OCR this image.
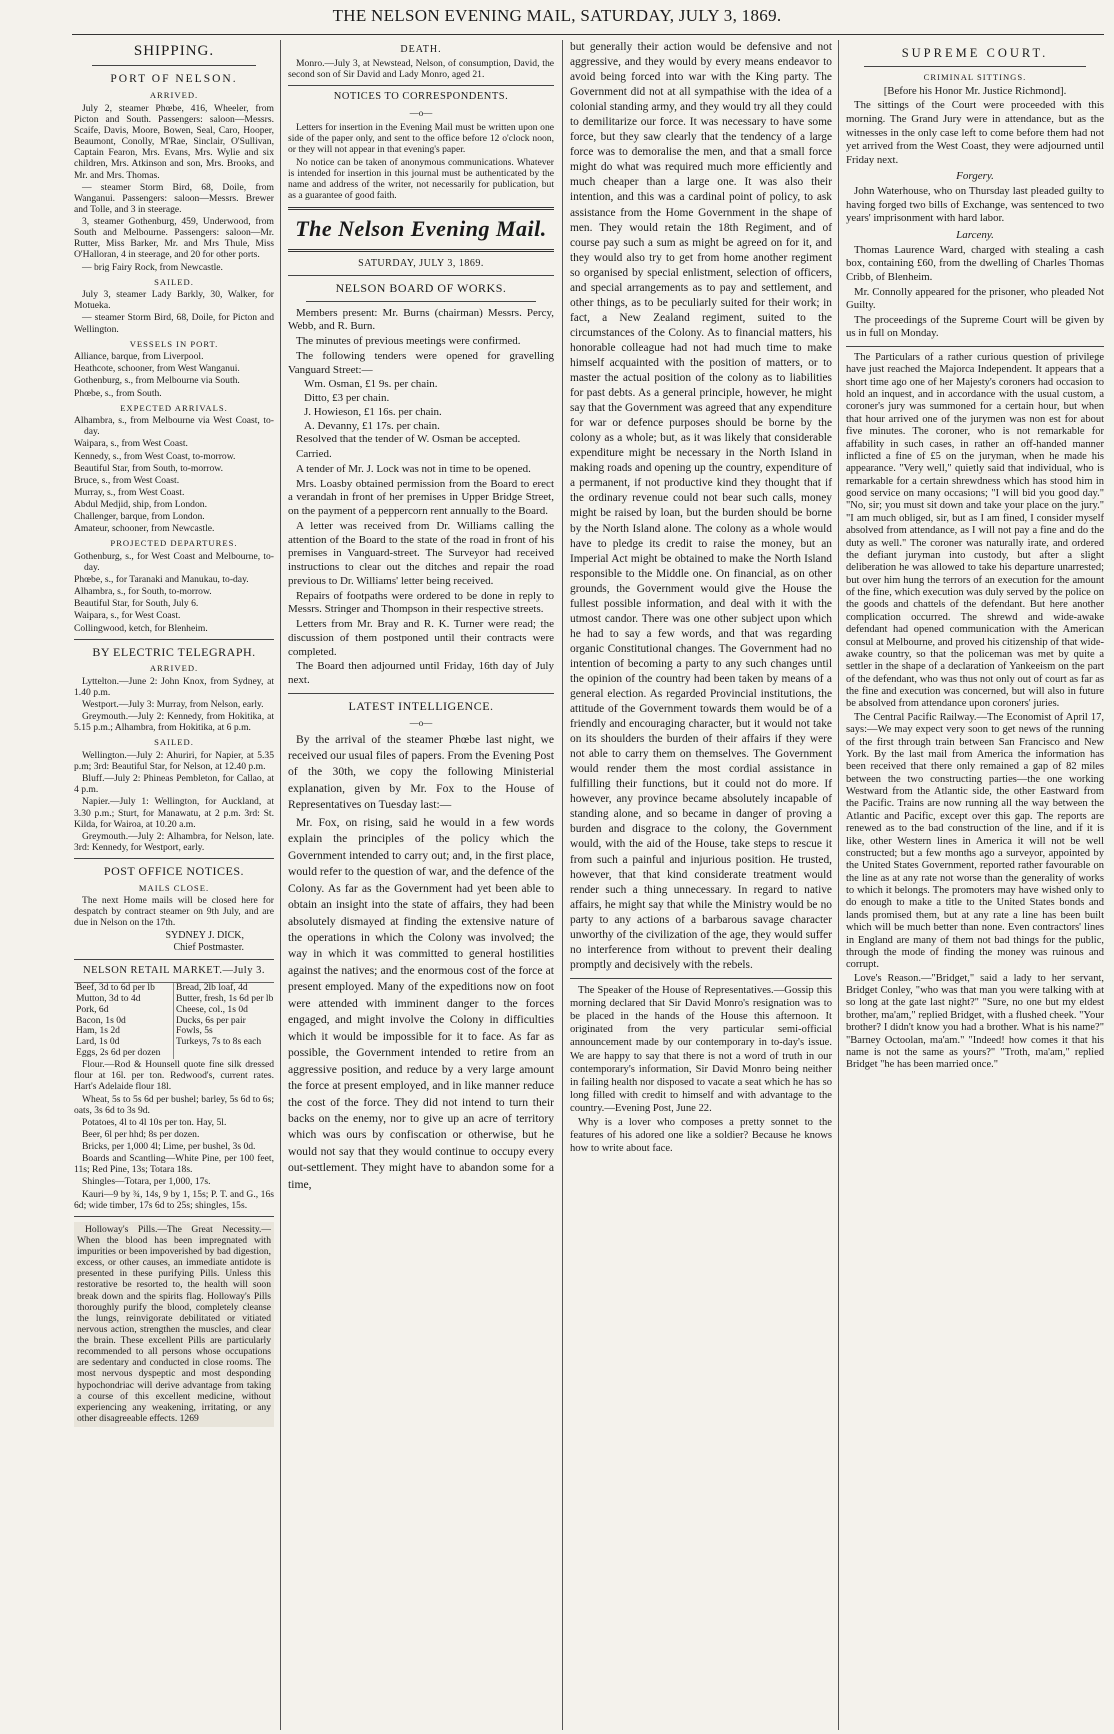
THE NELSON EVENING MAIL, SATURDAY, JULY 3, 1869.
SHIPPING.
PORT OF NELSON.
ARRIVED.

July 2, steamer Phœbe, 416, Wheeler, from Picton and South. Passengers: saloon—Messrs. Scaife, Davis, Moore, Bowen, Seal, Caro, Hooper, Beaumont, Conolly, M'Rae, Sinclair, O'Sullivan, Captain Fearon, Mrs. Evans, Mrs. Wylie and six children, Mrs. Atkinson and son, Mrs. Brooks, and Mr. and Mrs. Thomas.

— steamer Storm Bird, 68, Doile, from Wanganui. Passengers: saloon—Messrs. Brewer and Tolle, and 3 in steerage.

3, steamer Gothenburg, 459, Underwood, from South and Melbourne. Passengers: saloon—Mr. Rutter, Miss Barker, Mr. and Mrs Thule, Miss O'Halloran, 4 in steerage, and 20 for other ports.

— brig Fairy Rock, from Newcastle.

SAILED.

July 3, steamer Lady Barkly, 30, Walker, for Motueka.

— steamer Storm Bird, 68, Doile, for Picton and Wellington.

VESSELS IN PORT.

Alliance, barque, from Liverpool.

Heathcote, schooner, from West Wanganui.

Gothenburg, s., from Melbourne via South.

Phœbe, s., from South.

EXPECTED ARRIVALS.

Alhambra, s., from Melbourne via West Coast, to-day.

Waipara, s., from West Coast.

Kennedy, s., from West Coast, to-morrow.

Beautiful Star, from South, to-morrow.

Bruce, s., from West Coast.

Murray, s., from West Coast.

Abdul Medjid, ship, from London.

Challenger, barque, from London.

Amateur, schooner, from Newcastle.

PROJECTED DEPARTURES.

Gothenburg, s., for West Coast and Melbourne, to-day.

Phœbe, s., for Taranaki and Manukau, to-day.

Alhambra, s., for South, to-morrow.

Beautiful Star, for South, July 6.

Waipara, s., for West Coast.

Collingwood, ketch, for Blenheim.

BY ELECTRIC TELEGRAPH.
ARRIVED.

Lyttelton.—June 2: John Knox, from Sydney, at 1.40 p.m.

Westport.—July 3: Murray, from Nelson, early.

Greymouth.—July 2: Kennedy, from Hokitika, at 5.15 p.m.; Alhambra, from Hokitika, at 6 p.m.

SAILED.

Wellington.—July 2: Ahuriri, for Napier, at 5.35 p.m; 3rd: Beautiful Star, for Nelson, at 12.40 p.m.

Bluff.—July 2: Phineas Pembleton, for Callao, at 4 p.m.

Napier.—July 1: Wellington, for Auckland, at 3.30 p.m.; Sturt, for Manawatu, at 2 p.m. 3rd: St. Kilda, for Wairoa, at 10.20 a.m.

Greymouth.—July 2: Alhambra, for Nelson, late. 3rd: Kennedy, for Westport, early.

POST OFFICE NOTICES.
MAILS CLOSE.

The next Home mails will be closed here for despatch by contract steamer on 9th July, and are due in Nelson on the 17th.

SYDNEY J. DICK,
Chief Postmaster.
NELSON RETAIL MARKET.—July 3.
Beef, 3d to 6d per lb	Bread, 2lb loaf, 4d
Mutton, 3d to 4d	Butter, fresh, 1s 6d per lb
Pork, 6d	Cheese, col., 1s 0d
Bacon, 1s 0d	Ducks, 6s per pair
Ham, 1s 2d	Fowls, 5s
Lard, 1s 0d	Turkeys, 7s to 8s each
Eggs, 2s 6d per dozen

Flour.—Rod & Hounsell quote fine silk dressed flour at 16l. per ton. Redwood's, current rates. Hart's Adelaide flour 18l.

Wheat, 5s to 5s 6d per bushel; barley, 5s 6d to 6s; oats, 3s 6d to 3s 9d.

Potatoes, 4l to 4l 10s per ton. Hay, 5l.

Beer, 6l per hhd; 8s per dozen.

Bricks, per 1,000 4l; Lime, per bushel, 3s 0d.

Boards and Scantling—White Pine, per 100 feet, 11s; Red Pine, 13s; Totara 18s.

Shingles—Totara, per 1,000, 17s.

Kauri—9 by ¾, 14s, 9 by 1, 15s; P. T. and G., 16s 6d; wide timber, 17s 6d to 25s; shingles, 15s.

Holloway's Pills.—The Great Necessity.—When the blood has been impregnated with impurities or been impoverished by bad digestion, excess, or other causes, an immediate antidote is presented in these purifying Pills. Unless this restorative be resorted to, the health will soon break down and the spirits flag. Holloway's Pills thoroughly purify the blood, completely cleanse the lungs, reinvigorate debilitated or vitiated nervous action, strengthen the muscles, and clear the brain. These excellent Pills are particularly recommended to all persons whose occupations are sedentary and conducted in close rooms. The most nervous dyspeptic and most desponding hypochondriac will derive advantage from taking a course of this excellent medicine, without experiencing any weakening, irritating, or any other disagreeable effects. 1269

DEATH.

Monro.—July 3, at Newstead, Nelson, of consumption, David, the second son of Sir David and Lady Monro, aged 21.

NOTICES TO CORRESPONDENTS.
—o—

Letters for insertion in the Evening Mail must be written upon one side of the paper only, and sent to the office before 12 o'clock noon, or they will not appear in that evening's paper.

No notice can be taken of anonymous communications. Whatever is intended for insertion in this journal must be authenticated by the name and address of the writer, not necessarily for publication, but as a guarantee of good faith.

The Nelson Evening Mail.
SATURDAY, JULY 3, 1869.
NELSON BOARD OF WORKS.

Members present: Mr. Burns (chairman) Messrs. Percy, Webb, and R. Burn.

The minutes of previous meetings were confirmed.

The following tenders were opened for gravelling Vanguard Street:—

Wm. Osman, £1 9s. per chain.
Ditto, £3 per chain.
J. Howieson, £1 16s. per chain.
A. Devanny, £1 17s. per chain.

Resolved that the tender of W. Osman be accepted.

Carried.

A tender of Mr. J. Lock was not in time to be opened.

Mrs. Loasby obtained permission from the Board to erect a verandah in front of her premises in Upper Bridge Street, on the payment of a peppercorn rent annually to the Board.

A letter was received from Dr. Williams calling the attention of the Board to the state of the road in front of his premises in Vanguard-street. The Surveyor had received instructions to clear out the ditches and repair the road previous to Dr. Williams' letter being received.

Repairs of footpaths were ordered to be done in reply to Messrs. Stringer and Thompson in their respective streets.

Letters from Mr. Bray and R. K. Turner were read; the discussion of them postponed until their contracts were completed.

The Board then adjourned until Friday, 16th day of July next.

LATEST INTELLIGENCE.
—o—

By the arrival of the steamer Phœbe last night, we received our usual files of papers. From the Evening Post of the 30th, we copy the following Ministerial explanation, given by Mr. Fox to the House of Representatives on Tuesday last:—

Mr. Fox, on rising, said he would in a few words explain the principles of the policy which the Government intended to carry out; and, in the first place, would refer to the question of war, and the defence of the Colony. As far as the Government had yet been able to obtain an insight into the state of affairs, they had been absolutely dismayed at finding the extensive nature of the operations in which the Colony was involved; the way in which it was committed to general hostilities against the natives; and the enormous cost of the force at present employed. Many of the expeditions now on foot were attended with imminent danger to the forces engaged, and might involve the Colony in difficulties which it would be impossible for it to face. As far as possible, the Government intended to retire from an aggressive position, and reduce by a very large amount the force at present employed, and in like manner reduce the cost of the force. They did not intend to turn their backs on the enemy, nor to give up an acre of territory which was ours by confiscation or otherwise, but he would not say that they would continue to occupy every out-settlement. They might have to abandon some for a time,

but generally their action would be defensive and not aggressive, and they would by every means endeavor to avoid being forced into war with the King party. The Government did not at all sympathise with the idea of a colonial standing army, and they would try all they could to demilitarize our force. It was necessary to have some force, but they saw clearly that the tendency of a large force was to demoralise the men, and that a small force might do what was required much more efficiently and much cheaper than a large one. It was also their intention, and this was a cardinal point of policy, to ask assistance from the Home Government in the shape of men. They would retain the 18th Regiment, and of course pay such a sum as might be agreed on for it, and they would also try to get from home another regiment so organised by special enlistment, selection of officers, and special arrangements as to pay and settlement, and other things, as to be peculiarly suited for their work; in fact, a New Zealand regiment, suited to the circumstances of the Colony. As to financial matters, his honorable colleague had not had much time to make himself acquainted with the position of matters, or to master the actual position of the colony as to liabilities for past debts. As a general principle, however, he might say that the Government was agreed that any expenditure for war or defence purposes should be borne by the colony as a whole; but, as it was likely that considerable expenditure might be necessary in the North Island in making roads and opening up the country, expenditure of a permanent, if not productive kind they thought that if the ordinary revenue could not bear such calls, money might be raised by loan, but the burden should be borne by the North Island alone. The colony as a whole would have to pledge its credit to raise the money, but an Imperial Act might be obtained to make the North Island responsible to the Middle one. On financial, as on other grounds, the Government would give the House the fullest possible information, and deal with it with the utmost candor. There was one other subject upon which he had to say a few words, and that was regarding organic Constitutional changes. The Government had no intention of becoming a party to any such changes until the opinion of the country had been taken by means of a general election. As regarded Provincial institutions, the attitude of the Government towards them would be of a friendly and encouraging character, but it would not take on its shoulders the burden of their affairs if they were not able to carry them on themselves. The Government would render them the most cordial assistance in fulfilling their functions, but it could not do more. If however, any province became absolutely incapable of standing alone, and so became in danger of proving a burden and disgrace to the colony, the Government would, with the aid of the House, take steps to rescue it from such a painful and injurious position. He trusted, however, that that kind considerate treatment would render such a thing unnecessary. In regard to native affairs, he might say that while the Ministry would be no party to any actions of a barbarous savage character unworthy of the civilization of the age, they would suffer no interference from without to prevent their dealing promptly and decisively with the rebels.

The Speaker of the House of Representatives.—Gossip this morning declared that Sir David Monro's resignation was to be placed in the hands of the House this afternoon. It originated from the very particular semi-official announcement made by our contemporary in to-day's issue. We are happy to say that there is not a word of truth in our contemporary's information, Sir David Monro being neither in failing health nor disposed to vacate a seat which he has so long filled with credit to himself and with advantage to the country.—Evening Post, June 22.

Why is a lover who composes a pretty sonnet to the features of his adored one like a soldier? Because he knows how to write about face.

SUPREME COURT.
CRIMINAL SITTINGS.

[Before his Honor Mr. Justice Richmond].

The sittings of the Court were proceeded with this morning. The Grand Jury were in attendance, but as the witnesses in the only case left to come before them had not yet arrived from the West Coast, they were adjourned until Friday next.

Forgery.

John Waterhouse, who on Thursday last pleaded guilty to having forged two bills of Exchange, was sentenced to two years' imprisonment with hard labor.

Larceny.

Thomas Laurence Ward, charged with stealing a cash box, containing £60, from the dwelling of Charles Thomas Cribb, of Blenheim.

Mr. Connolly appeared for the prisoner, who pleaded Not Guilty.

The proceedings of the Supreme Court will be given by us in full on Monday.

The Particulars of a rather curious question of privilege have just reached the Majorca Independent. It appears that a short time ago one of her Majesty's coroners had occasion to hold an inquest, and in accordance with the usual custom, a coroner's jury was summoned for a certain hour, but when that hour arrived one of the jurymen was non est for about five minutes. The coroner, who is not remarkable for affability in such cases, in rather an off-handed manner inflicted a fine of £5 on the juryman, when he made his appearance. "Very well," quietly said that individual, who is remarkable for a certain shrewdness which has stood him in good service on many occasions; "I will bid you good day." "No, sir; you must sit down and take your place on the jury." "I am much obliged, sir, but as I am fined, I consider myself absolved from attendance, as I will not pay a fine and do the duty as well." The coroner was naturally irate, and ordered the defiant juryman into custody, but after a slight deliberation he was allowed to take his departure unarrested; but over him hung the terrors of an execution for the amount of the fine, which execution was duly served by the police on the goods and chattels of the defendant. But here another complication occurred. The shrewd and wide-awake defendant had opened communication with the American consul at Melbourne, and proved his citizenship of that wide-awake country, so that the policeman was met by quite a settler in the shape of a declaration of Yankeeism on the part of the defendant, who was thus not only out of court as far as the fine and execution was concerned, but will also in future be absolved from attendance upon coroners' juries.

The Central Pacific Railway.—The Economist of April 17, says:—We may expect very soon to get news of the running of the first through train between San Francisco and New York. By the last mail from America the information has been received that there only remained a gap of 82 miles between the two constructing parties—the one working Westward from the Atlantic side, the other Eastward from the Pacific. Trains are now running all the way between the Atlantic and Pacific, except over this gap. The reports are renewed as to the bad construction of the line, and if it is like, other Western lines in America it will not be well constructed; but a few months ago a surveyor, appointed by the United States Government, reported rather favourable on the line as at any rate not worse than the generality of works to which it belongs. The promoters may have wished only to do enough to make a title to the United States bonds and lands promised them, but at any rate a line has been built which will be much better than none. Even contractors' lines in England are many of them not bad things for the public, through the mode of finding the money was ruinous and corrupt.

Love's Reason.—"Bridget," said a lady to her servant, Bridget Conley, "who was that man you were talking with at so long at the gate last night?" "Sure, no one but my eldest brother, ma'am," replied Bridget, with a flushed cheek. "Your brother? I didn't know you had a brother. What is his name?" "Barney Octoolan, ma'am." "Indeed! how comes it that his name is not the same as yours?" "Troth, ma'am," replied Bridget "he has been married once."
